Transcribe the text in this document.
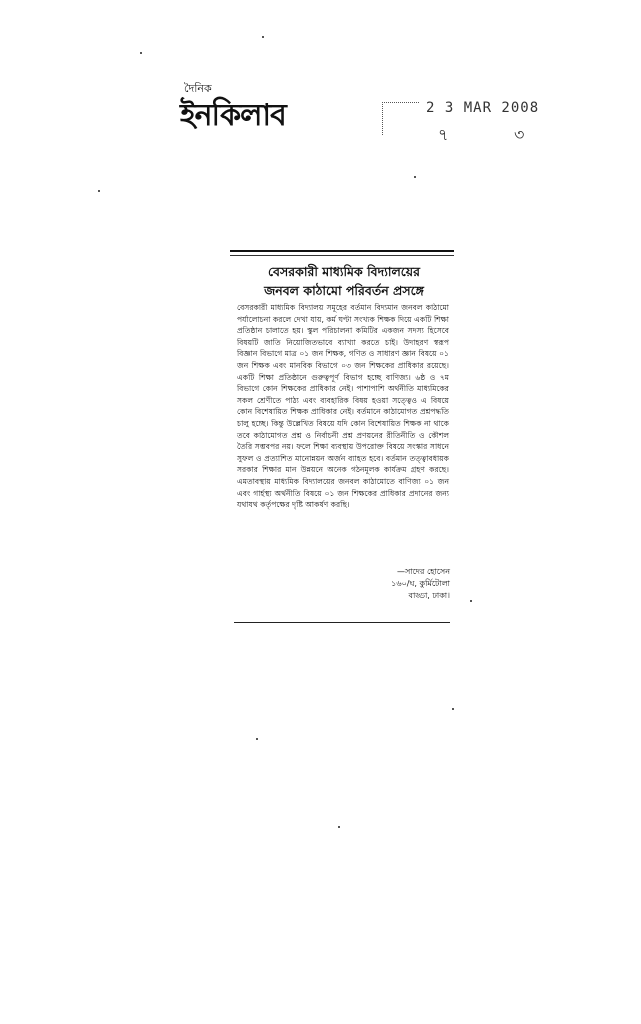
দৈনিক
ইনকিলাব	2 3 MAR 2008
৭	৩
বেসরকারী মাধ্যমিক বিদ্যালয়ের
জনবল কাঠামো পরিবর্তন প্রসঙ্গে
বেসরকারী মাধ্যমিক বিদ্যালয় সমূহের বর্তমান বিদ্যমান জনবল কাঠামো পর্যালোচনা করলে দেখা যায়, কর্ম ঘণ্টা সংখ্যক শিক্ষক দিয়ে একটি শিক্ষা প্রতিষ্ঠান চালাতে হয়। স্কুল পরিচালনা কমিটির একজন সদস্য হিসেবে বিষয়টি জাতি নিয়োজিতভাবে ব্যাখ্যা করতে চাই। উদাহরণ স্বরূপ বিজ্ঞান বিভাগে মাত্র ০১ জন শিক্ষক, গণিত ও সাধারণ জ্ঞান বিষয়ে ০১ জন শিক্ষক এবং মানবিক বিভাগে ০৩ জন শিক্ষকের প্রাধিকার রয়েছে। একটি শিক্ষা প্রতিষ্ঠানে গুরুত্বপূর্ণ বিভাগ হচ্ছে বাণিজ্য। ৬ষ্ঠ ও ৭ম বিভাগে কোন শিক্ষকের প্রাধিকার নেই। পাশাপাশি অর্থনীতি মাধ্যমিকের সকল শ্রেণীতে পাঠ্য এবং ব্যবহারিক বিষয় হওয়া সত্ত্বেও এ বিষয়ে কোন বিশেষায়িত শিক্ষক প্রাধিকার নেই। বর্তমানে কাঠামোগত প্রশ্নপদ্ধতি চালু হচ্ছে। কিন্তু উল্লেখিত বিষয়ে যদি কোন বিশেষায়িত শিক্ষক না থাকে তবে কাঠামোগত প্রশ্ন ও নির্বাচনী প্রশ্ন প্রণয়নের রীতিনীতি ও কৌশল তৈরি সম্ভবপর নয়। ফলে শিক্ষা ব্যবস্থায় উপরোক্ত বিষয়ে সংস্কার সাধনে সুফল ও প্রত্যাশিত মানোন্নয়ন অর্জন ব্যাহত হবে। বর্তমান তত্ত্বাবধায়ক সরকার শিক্ষার মান উন্নয়নে অনেক গঠনমূলক কার্যক্রম গ্রহণ করছে। এমতাবস্থায় মাধ্যমিক বিদ্যালয়ের জনবল কাঠামোতে বাণিজ্য ০১ জন এবং গার্হস্থ্য অর্থনীতি বিষয়ে ০১ জন শিক্ষকের প্রাধিকার প্রদানের জন্য যথাযথ কর্তৃপক্ষের দৃষ্টি আকর্ষণ করছি।
—সাদের হোসেন
১৬০/ঘ, কুর্মিটোলা
বাড্ডা, ঢাকা।
